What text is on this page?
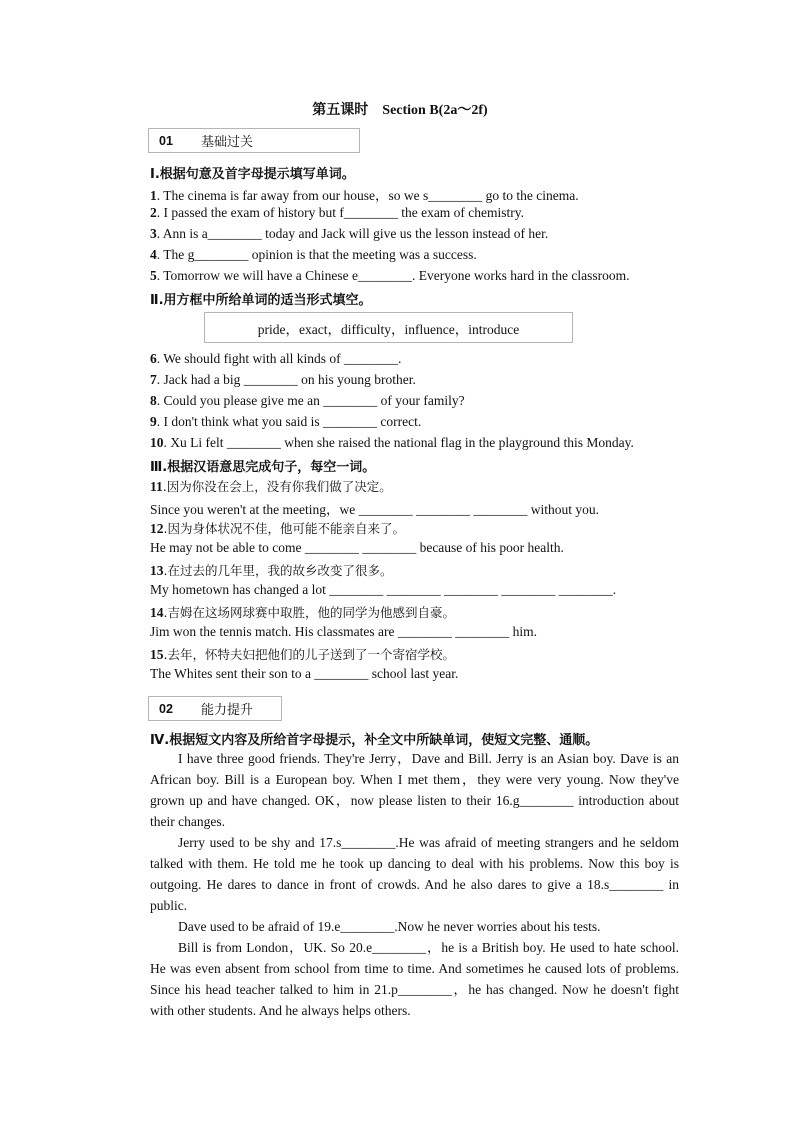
第五课时　Section B(2a～2f)
01	基础过关
Ⅰ.根据句意及首字母提示填写单词。
1. The cinema is far away from our house，so we s________ go to the cinema.
2. I passed the exam of history but f________ the exam of chemistry.
3. Ann is a________ today and Jack will give us the lesson instead of her.
4. The g________ opinion is that the meeting was a success.
5. Tomorrow we will have a Chinese e________. Everyone works hard in the classroom.
Ⅱ.用方框中所给单词的适当形式填空。
pride，exact，difficulty，influence，introduce
6. We should fight with all kinds of ________.
7. Jack had a big ________ on his young brother.
8. Could you please give me an ________ of your family?
9. I don't think what you said is ________ correct.
10. Xu Li felt ________ when she raised the national flag in the playground this Monday.
Ⅲ.根据汉语意思完成句子，每空一词。
11.因为你没在会上，没有你我们做了决定。
Since you weren't at the meeting，we ________ ________ ________ without you.
12.因为身体状况不佳，他可能不能亲自来了。
He may not be able to come ________ ________ because of his poor health.
13.在过去的几年里，我的故乡改变了很多。
My hometown has changed a lot ________ ________ ________ ________ ________.
14.吉姆在这场网球赛中取胜，他的同学为他感到自豪。
Jim won the tennis match. His classmates are ________ ________ him.
15.去年，怀特夫妇把他们的儿子送到了一个寄宿学校。
The Whites sent their son to a ________ school last year.
02	能力提升
Ⅳ.根据短文内容及所给首字母提示，补全文中所缺单词，使短文完整、通顺。
I have three good friends. They're Jerry，Dave and Bill. Jerry is an Asian boy. Dave is an
African boy. Bill is a European boy. When I met them，they were very young. Now they've
grown up and have changed. OK，now please listen to their 16.g________ introduction about
their changes.
Jerry used to be shy and 17.s________.He was afraid of meeting strangers and he seldom
talked with them. He told me he took up dancing to deal with his problems. Now this boy is
outgoing. He dares to dance in front of crowds. And he also dares to give a 18.s________ in
public.
Dave used to be afraid of 19.e________.Now he never worries about his tests.
Bill is from London，UK. So 20.e________，he is a British boy. He used to hate school.
He was even absent from school from time to time. And sometimes he caused lots of problems.
Since his head teacher talked to him in 21.p________，he has changed. Now he doesn't fight
with other students. And he always helps others.
